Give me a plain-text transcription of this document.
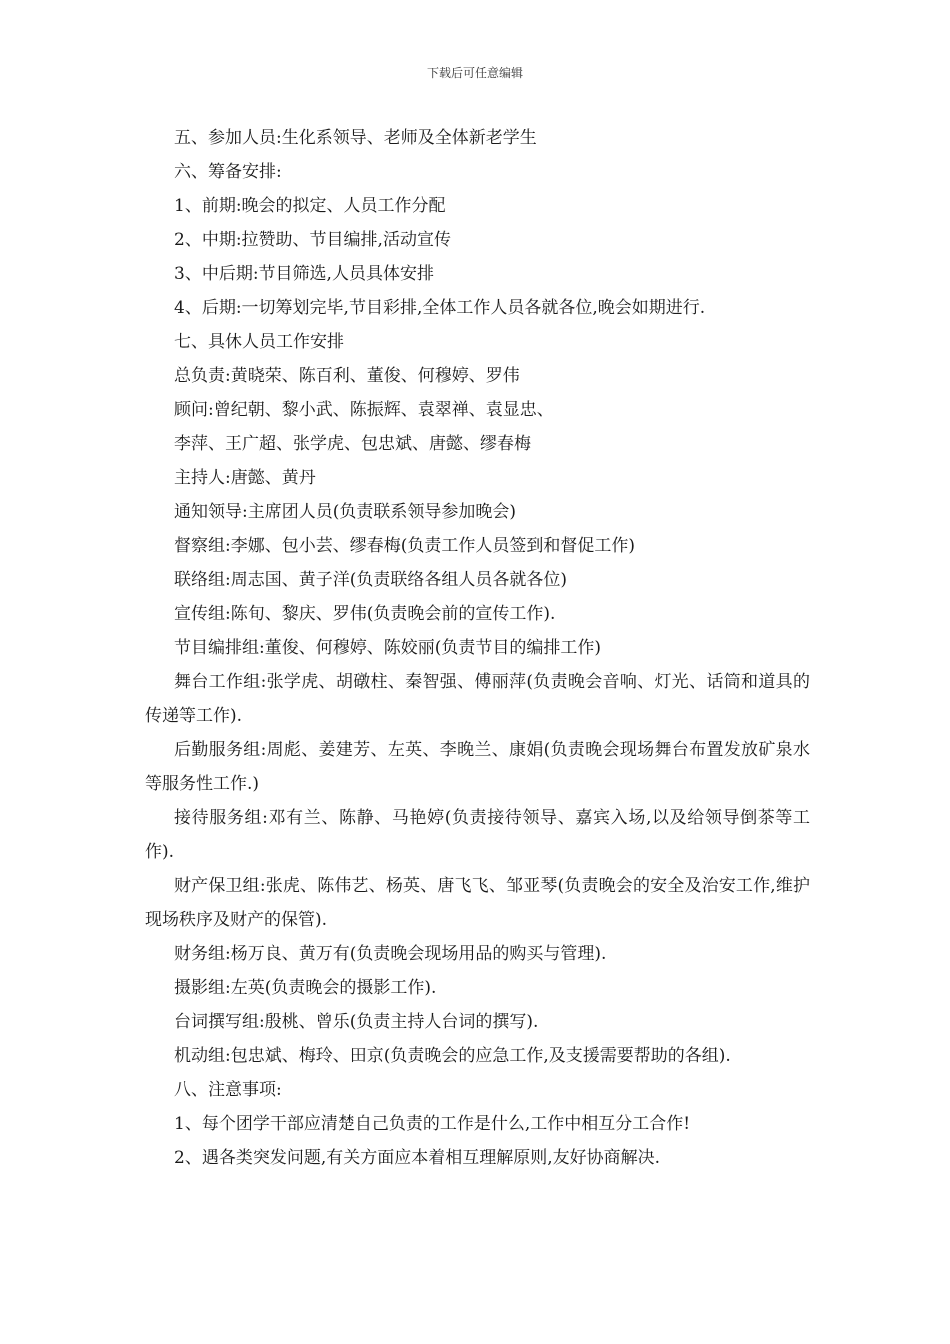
下载后可任意编辑

五、参加人员:生化系领导、老师及全体新老学生

六、筹备安排:

1、前期:晚会的拟定、人员工作分配

2、中期:拉赞助、节目编排,活动宣传

3、中后期:节目筛选,人员具体安排

4、后期:一切筹划完毕,节目彩排,全体工作人员各就各位,晚会如期进行.

七、具休人员工作安排

总负责:黄晓荣、陈百利、董俊、何穆婷、罗伟

顾问:曾纪朝、黎小武、陈振辉、袁翠禅、袁显忠、

李萍、王广超、张学虎、包忠斌、唐懿、缪春梅

主持人:唐懿、黄丹

通知领导:主席团人员(负责联系领导参加晚会)

督察组:李娜、包小芸、缪春梅(负责工作人员签到和督促工作)

联络组:周志国、黄子洋(负责联络各组人员各就各位)

宣传组:陈旬、黎庆、罗伟(负责晚会前的宣传工作).

节目编排组:董俊、何穆婷、陈姣丽(负责节目的编排工作)

舞台工作组:张学虎、胡礅柱、秦智强、傅丽萍(负责晚会音响、灯光、话筒和道具的传递等工作).

后勤服务组:周彪、姜建芳、左英、李晚兰、康娟(负责晚会现场舞台布置发放矿泉水等服务性工作.)

接待服务组:邓有兰、陈静、马艳婷(负责接待领导、嘉宾入场,以及给领导倒茶等工作).

财产保卫组:张虎、陈伟艺、杨英、唐飞飞、邹亚琴(负责晚会的安全及治安工作,维护现场秩序及财产的保管).

财务组:杨万良、黄万有(负责晚会现场用品的购买与管理).

摄影组:左英(负责晚会的摄影工作).

台词撰写组:殷桃、曾乐(负责主持人台词的撰写).

机动组:包忠斌、梅玲、田京(负责晚会的应急工作,及支援需要帮助的各组).

八、注意事项:

1、每个团学干部应清楚自己负责的工作是什么,工作中相互分工合作!

2、遇各类突发问题,有关方面应本着相互理解原则,友好协商解决.
